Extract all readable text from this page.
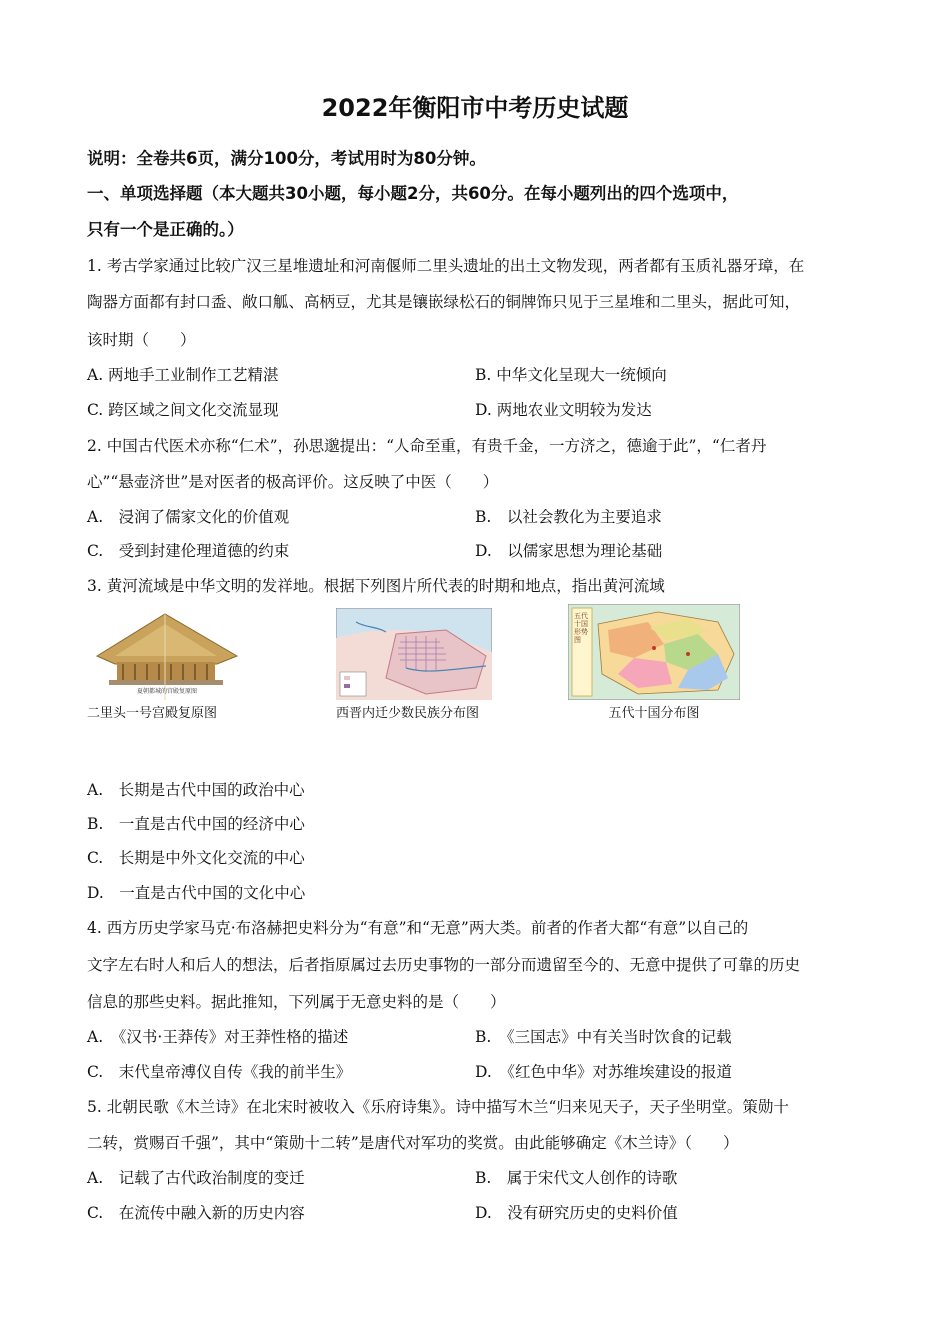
2022年衡阳市中考历史试题
说明：全卷共6页，满分100分，考试用时为80分钟。
一、单项选择题（本大题共30小题，每小题2分，共60分。在每小题列出的四个选项中，
只有一个是正确的。）
1. 考古学家通过比较广汉三星堆遗址和河南偃师二里头遗址的出土文物发现，两者都有玉质礼器牙璋，在
陶器方面都有封口盉、敞口觚、高柄豆，尤其是镶嵌绿松石的铜牌饰只见于三星堆和二里头，据此可知，
该时期（　　）
A. 两地手工业制作工艺精湛	B. 中华文化呈现大一统倾向
C. 跨区域之间文化交流显现	D. 两地农业文明较为发达
2. 中国古代医术亦称“仁术”，孙思邈提出：“人命至重，有贵千金，一方济之，德逾于此”，“仁者丹
心”“悬壶济世”是对医者的极高评价。这反映了中医（　　）
A.　浸润了儒家文化的价值观	B.　以社会教化为主要追求
C.　受到封建伦理道德的约束	D.　以儒家思想为理论基础
3. 黄河流域是中华文明的发祥地。根据下列图片所代表的时期和地点，指出黄河流域
夏朝都城的宫殿复原图
二里头一号宫殿复原图	西晋内迁少数民族分布图
五代十国形势图
五代十国分布图
A.　长期是古代中国的政治中心
B.　一直是古代中国的经济中心
C.　长期是中外文化交流的中心
D.　一直是古代中国的文化中心
4. 西方历史学家马克·布洛赫把史料分为“有意”和“无意”两大类。前者的作者大都“有意”以自己的
文字左右时人和后人的想法，后者指原属过去历史事物的一部分而遗留至今的、无意中提供了可靠的历史
信息的那些史料。据此推知，下列属于无意史料的是（　　）
A.　《汉书·王莽传》对王莽性格的描述	B.　《三国志》中有关当时饮食的记载
C.　末代皇帝溥仪自传《我的前半生》	D.　《红色中华》对苏维埃建设的报道
5. 北朝民歌《木兰诗》在北宋时被收入《乐府诗集》。诗中描写木兰“归来见天子，天子坐明堂。策勋十
二转，赏赐百千强”，其中“策勋十二转”是唐代对军功的奖赏。由此能够确定《木兰诗》（　　）
A.　记载了古代政治制度的变迁	B.　属于宋代文人创作的诗歌
C.　在流传中融入新的历史内容	D.　没有研究历史的史料价值
